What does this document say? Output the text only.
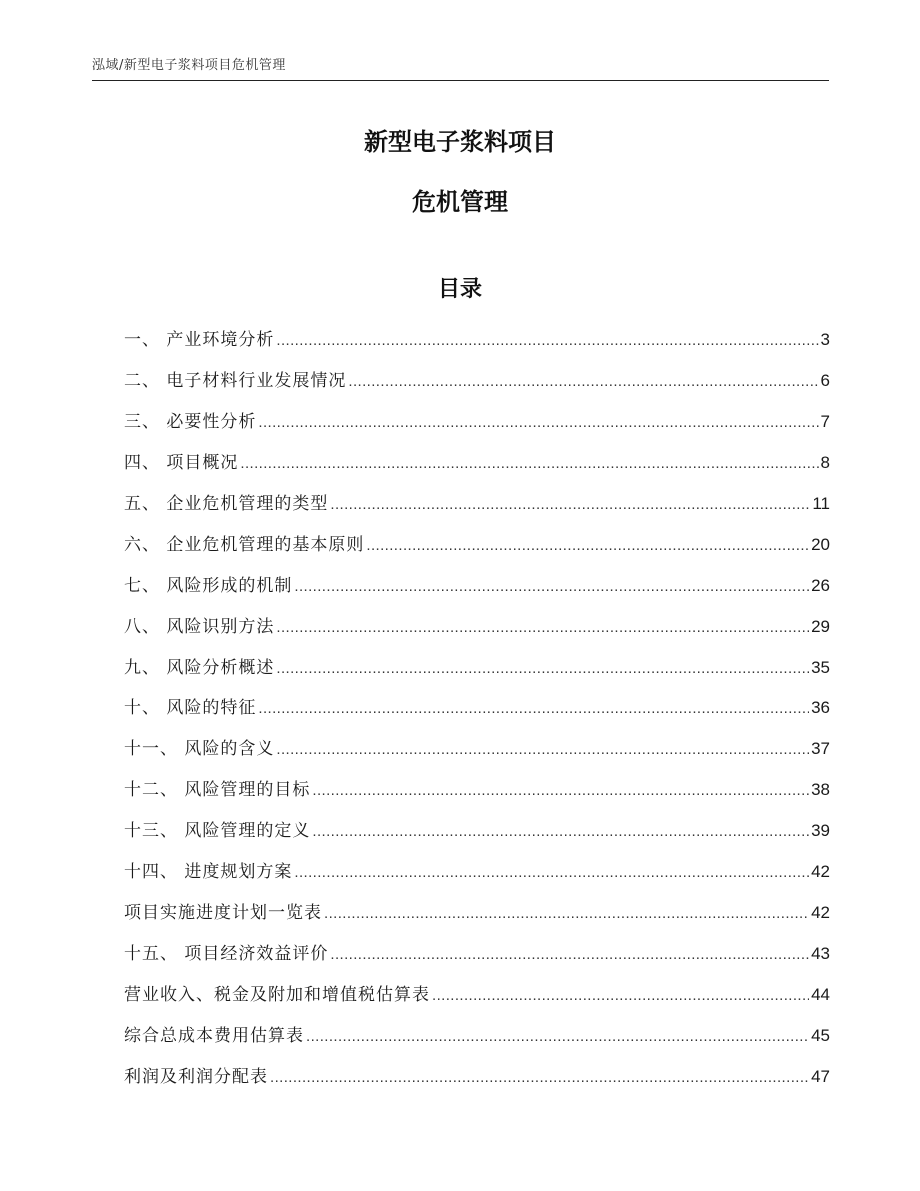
泓域/新型电子浆料项目危机管理
新型电子浆料项目
危机管理
目录
一、 产业环境分析 .....	3
二、 电子材料行业发展情况 .....	6
三、 必要性分析 .....	7
四、 项目概况 .....	8
五、 企业危机管理的类型 .....	11
六、 企业危机管理的基本原则 .....	20
七、 风险形成的机制 .....	26
八、 风险识别方法 .....	29
九、 风险分析概述 .....	35
十、 风险的特征 .....	36
十一、 风险的含义 .....	37
十二、 风险管理的目标 .....	38
十三、 风险管理的定义 .....	39
十四、 进度规划方案 .....	42
项目实施进度计划一览表 .....	42
十五、 项目经济效益评价 .....	43
营业收入、税金及附加和增值税估算表 .....	44
综合总成本费用估算表 .....	45
利润及利润分配表 .....	47
